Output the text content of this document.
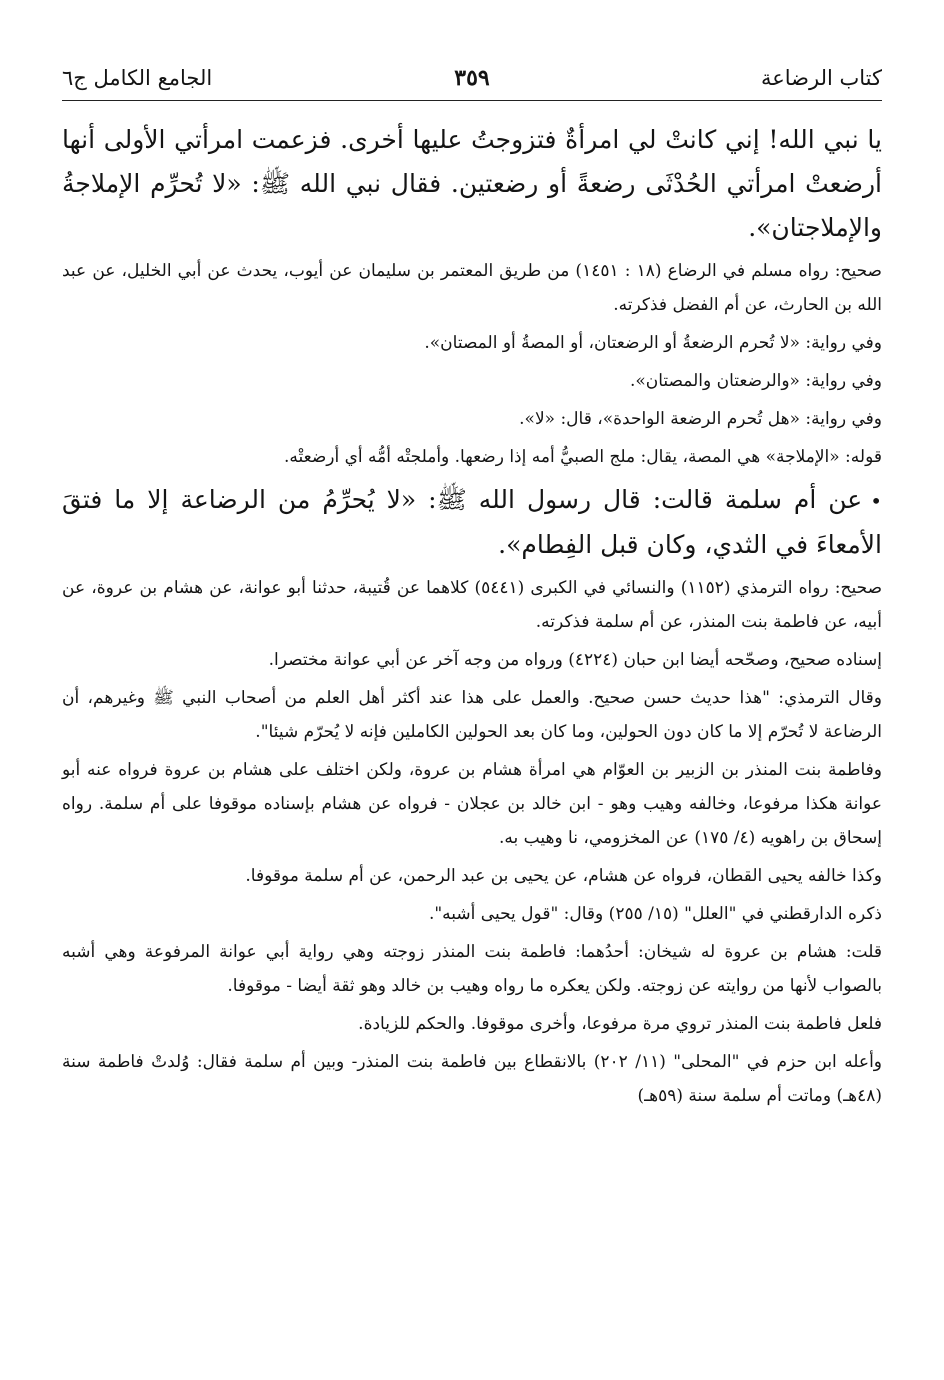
كتاب الرضاعة
٣٥٩
الجامع الكامل ج٦

يا نبي الله! إني كانتْ لي امرأةٌ فتزوجتُ عليها أخرى. فزعمت امرأتي الأولى أنها أرضعتْ امرأتي الحُدْثَى رضعةً أو رضعتين. فقال نبي الله ﷺ: «لا تُحرِّم الإملاجةُ والإملاجتان».

صحيح: رواه مسلم في الرضاع (١٨ : ١٤٥١) من طريق المعتمر بن سليمان عن أيوب، يحدث عن أبي الخليل، عن عبد الله بن الحارث، عن أم الفضل فذكرته.

وفي رواية: «لا تُحرم الرضعةُ أو الرضعتان، أو المصةُ أو المصتان».

وفي رواية: «والرضعتان والمصتان».

وفي رواية: «هل تُحرم الرضعة الواحدة»، قال: «لا».

قوله: «الإملاجة» هي المصة، يقال: ملج الصبيُّ أمه إذا رضعها. وأملجتْه أمُّه أي أرضعتْه.

•عن أم سلمة قالت: قال رسول الله ﷺ: «لا يُحرِّمُ من الرضاعة إلا ما فتقَ الأمعاءَ في الثدي، وكان قبل الفِطام».

صحيح: رواه الترمذي (١١٥٢) والنسائي في الكبرى (٥٤٤١) كلاهما عن قُتيبة، حدثنا أبو عوانة، عن هشام بن عروة، عن أبيه، عن فاطمة بنت المنذر، عن أم سلمة فذكرته.

إسناده صحيح، وصحّحه أيضا ابن حبان (٤٢٢٤) ورواه من وجه آخر عن أبي عوانة مختصرا.

وقال الترمذي: "هذا حديث حسن صحيح. والعمل على هذا عند أكثر أهل العلم من أصحاب النبي ﷺ وغيرهم، أن الرضاعة لا تُحرّم إلا ما كان دون الحولين، وما كان بعد الحولين الكاملين فإنه لا يُحرّم شيئا".

وفاطمة بنت المنذر بن الزبير بن العوّام هي امرأة هشام بن عروة، ولكن اختلف على هشام بن عروة فرواه عنه أبو عوانة هكذا مرفوعا، وخالفه وهيب وهو - ابن خالد بن عجلان - فرواه عن هشام بإسناده موقوفا على أم سلمة. رواه إسحاق بن راهويه (٤/ ١٧٥) عن المخزومي، نا وهيب به.

وكذا خالفه يحيى القطان، فرواه عن هشام، عن يحيى بن عبد الرحمن، عن أم سلمة موقوفا.

ذكره الدارقطني في "العلل" (١٥/ ٢٥٥) وقال: "قول يحيى أشبه".

قلت: هشام بن عروة له شيخان: أحدُهما: فاطمة بنت المنذر زوجته وهي رواية أبي عوانة المرفوعة وهي أشبه بالصواب لأنها من روايته عن زوجته. ولكن يعكره ما رواه وهيب بن خالد وهو ثقة أيضا - موقوفا.

فلعل فاطمة بنت المنذر تروي مرة مرفوعا، وأخرى موقوفا. والحكم للزيادة.

وأعله ابن حزم في "المحلى" (١١/ ٢٠٢) بالانقطاع بين فاطمة بنت المنذر- وبين أم سلمة فقال: وُلدتْ فاطمة سنة (٤٨هـ) وماتت أم سلمة سنة (٥٩هـ)
